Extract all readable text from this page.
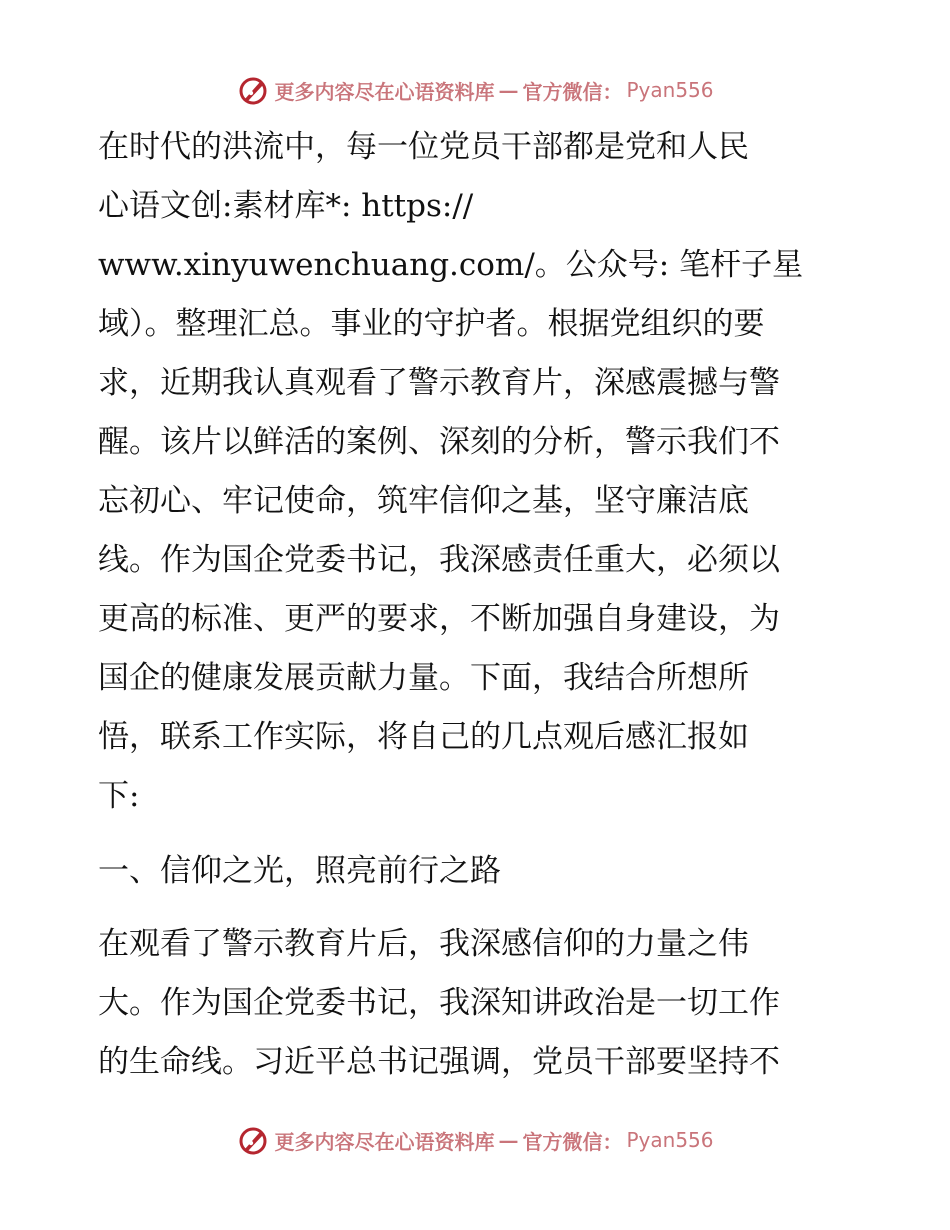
更多内容尽在心语资料库 — 官方微信： Pyan556

在时代的洪流中，每一位党员干部都是党和人民

心语文创:素材库*: https://

www.xinyuwenchuang.com/。公众号: 笔杆子星

域）。整理汇总。事业的守护者。根据党组织的要

求，近期我认真观看了警示教育片，深感震撼与警

醒。该片以鲜活的案例、深刻的分析，警示我们不

忘初心、牢记使命，筑牢信仰之基，坚守廉洁底

线。作为国企党委书记，我深感责任重大，必须以

更高的标准、更严的要求，不断加强自身建设，为

国企的健康发展贡献力量。下面，我结合所想所

悟，联系工作实际，将自己的几点观后感汇报如

下:

一、信仰之光，照亮前行之路

在观看了警示教育片后，我深感信仰的力量之伟

大。作为国企党委书记，我深知讲政治是一切工作

的生命线。习近平总书记强调，党员干部要坚持不

更多内容尽在心语资料库 — 官方微信： Pyan556
